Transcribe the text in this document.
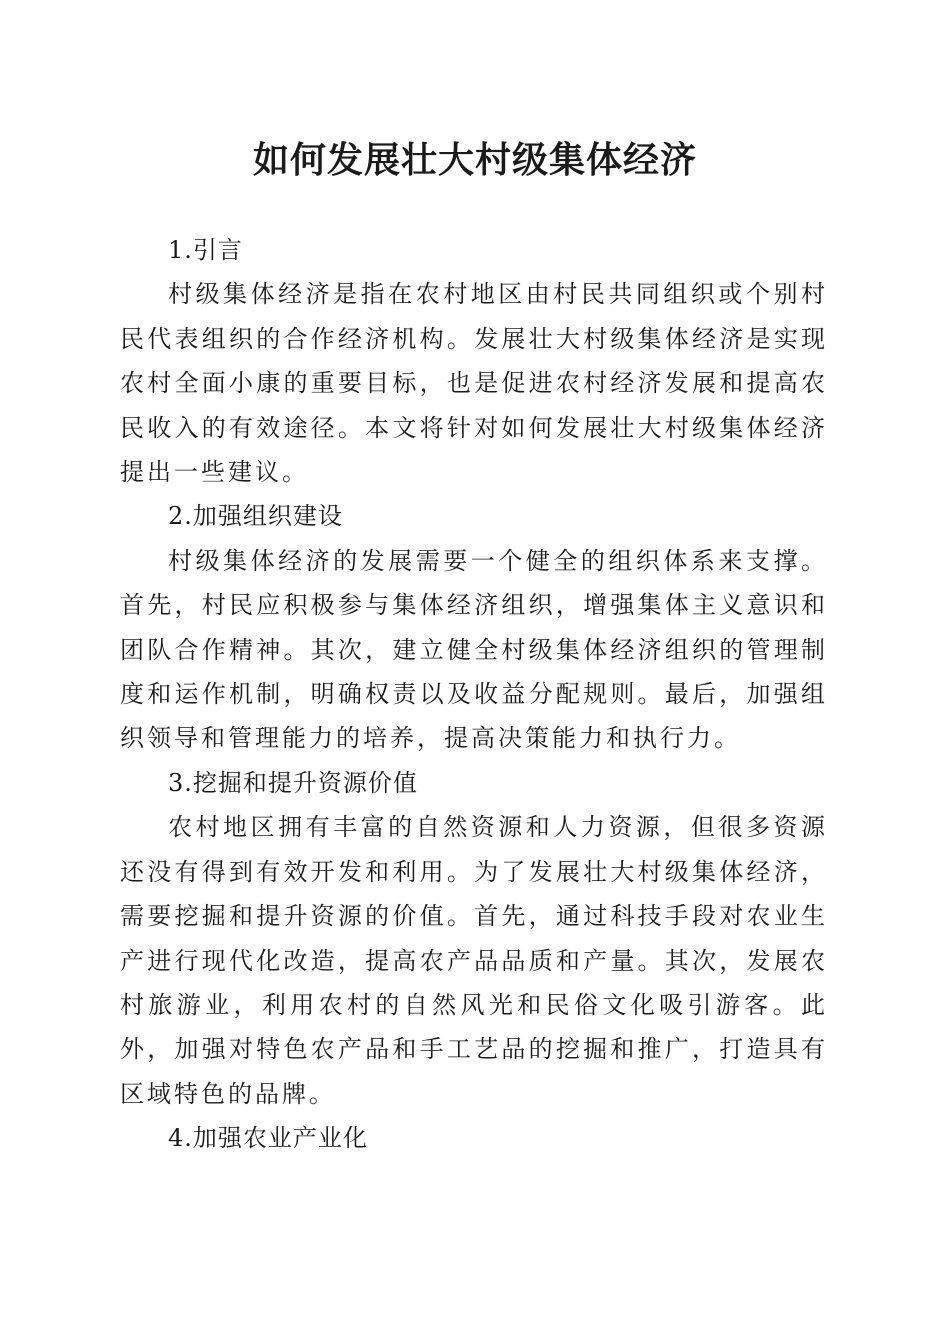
如何发展壮大村级集体经济

1.引言

村级集体经济是指在农村地区由村民共同组织或个别村民代表组织的合作经济机构。发展壮大村级集体经济是实现农村全面小康的重要目标，也是促进农村经济发展和提高农民收入的有效途径。本文将针对如何发展壮大村级集体经济提出一些建议。

2.加强组织建设

村级集体经济的发展需要一个健全的组织体系来支撑。首先，村民应积极参与集体经济组织，增强集体主义意识和团队合作精神。其次，建立健全村级集体经济组织的管理制度和运作机制，明确权责以及收益分配规则。最后，加强组织领导和管理能力的培养，提高决策能力和执行力。

3.挖掘和提升资源价值

农村地区拥有丰富的自然资源和人力资源，但很多资源还没有得到有效开发和利用。为了发展壮大村级集体经济，需要挖掘和提升资源的价值。首先，通过科技手段对农业生产进行现代化改造，提高农产品品质和产量。其次，发展农村旅游业，利用农村的自然风光和民俗文化吸引游客。此外，加强对特色农产品和手工艺品的挖掘和推广，打造具有区域特色的品牌。

4.加强农业产业化
